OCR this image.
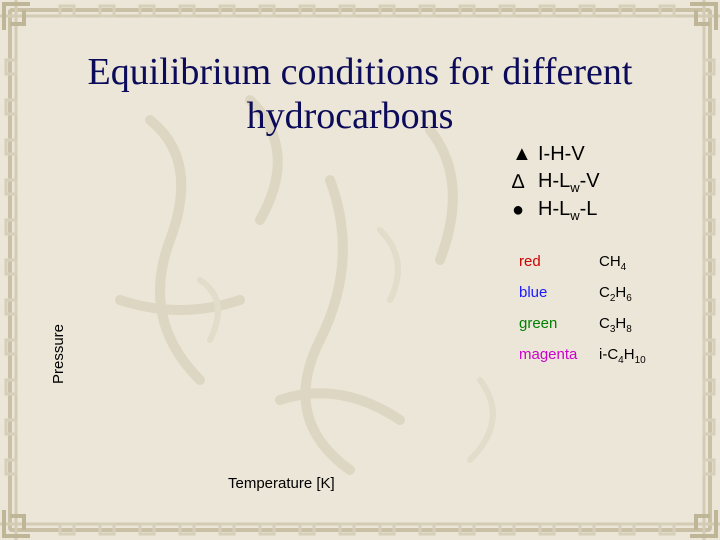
Equilibrium conditions for different
hydrocarbons
▲ I-H-V
∆ $H-L_w-V$
● $H-L_w-L$
red	$CH_4$
blue	$C_2H_6$
green	$C_3H_8$
magenta	$i-C_4H_{10}$
Pressure
Temperature [K]
